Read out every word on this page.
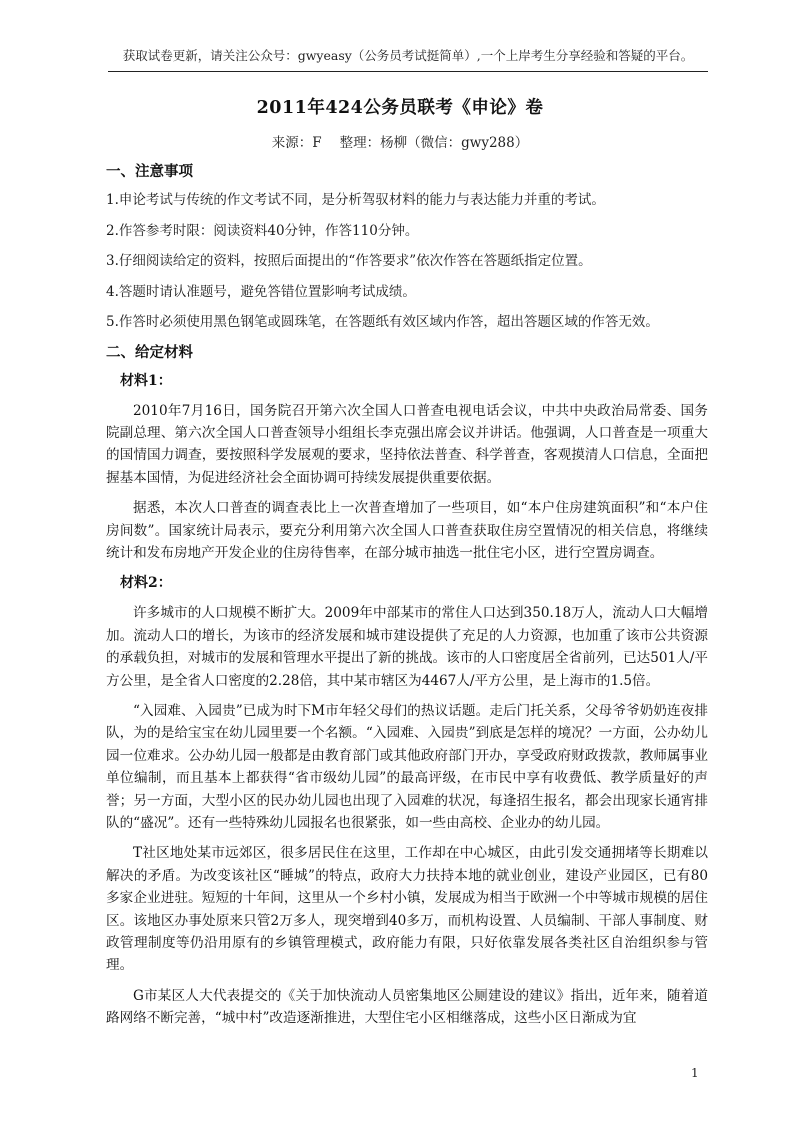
获取试卷更新，请关注公众号：gwyeasy（公务员考试挺简单）,一个上岸考生分享经验和答疑的平台。
2011年424公务员联考《申论》卷
来源：F 整理：杨柳（微信：gwy288）
一、注意事项
1.申论考试与传统的作文考试不同，是分析驾驭材料的能力与表达能力并重的考试。
2.作答参考时限：阅读资料40分钟，作答110分钟。
3.仔细阅读给定的资料，按照后面提出的“作答要求”依次作答在答题纸指定位置。
4.答题时请认准题号，避免答错位置影响考试成绩。
5.作答时必须使用黑色钢笔或圆珠笔，在答题纸有效区域内作答，超出答题区域的作答无效。
二、给定材料
材料1：

2010年7月16日，国务院召开第六次全国人口普查电视电话会议，中共中央政治局常委、国务院副总理、第六次全国人口普查领导小组组长李克强出席会议并讲话。他强调，人口普查是一项重大的国情国力调查，要按照科学发展观的要求，坚持依法普查、科学普查，客观摸清人口信息，全面把握基本国情，为促进经济社会全面协调可持续发展提供重要依据。

据悉，本次人口普查的调查表比上一次普查增加了一些项目，如“本户住房建筑面积”和“本户住房间数”。国家统计局表示，要充分利用第六次全国人口普查获取住房空置情况的相关信息，将继续统计和发布房地产开发企业的住房待售率，在部分城市抽选一批住宅小区，进行空置房调查。

材料2：

许多城市的人口规模不断扩大。2009年中部某市的常住人口达到350.18万人，流动人口大幅增加。流动人口的增长，为该市的经济发展和城市建设提供了充足的人力资源，也加重了该市公共资源的承载负担，对城市的发展和管理水平提出了新的挑战。该市的人口密度居全省前列，已达501人/平方公里，是全省人口密度的2.28倍，其中某市辖区为4467人/平方公里，是上海市的1.5倍。

“入园难、入园贵”已成为时下M市年轻父母们的热议话题。走后门托关系，父母爷爷奶奶连夜排队，为的是给宝宝在幼儿园里要一个名额。“入园难、入园贵”到底是怎样的境况？一方面，公办幼儿园一位难求。公办幼儿园一般都是由教育部门或其他政府部门开办，享受政府财政拨款，教师属事业单位编制，而且基本上都获得“省市级幼儿园”的最高评级，在市民中享有收费低、教学质量好的声誉；另一方面，大型小区的民办幼儿园也出现了入园难的状况，每逢招生报名，都会出现家长通宵排队的“盛况”。还有一些特殊幼儿园报名也很紧张，如一些由高校、企业办的幼儿园。

T社区地处某市远郊区，很多居民住在这里，工作却在中心城区，由此引发交通拥堵等长期难以解决的矛盾。为改变该社区“睡城”的特点，政府大力扶持本地的就业创业，建设产业园区，已有80多家企业进驻。短短的十年间，这里从一个乡村小镇，发展成为相当于欧洲一个中等城市规模的居住区。该地区办事处原来只管2万多人，现突增到40多万，而机构设置、人员编制、干部人事制度、财政管理制度等仍沿用原有的乡镇管理模式，政府能力有限，只好依靠发展各类社区自治组织参与管理。

G市某区人大代表提交的《关于加快流动人员密集地区公厕建设的建议》指出，近年来，随着道路网络不断完善，“城中村”改造逐渐推进，大型住宅小区相继落成，这些小区日渐成为宜

1
